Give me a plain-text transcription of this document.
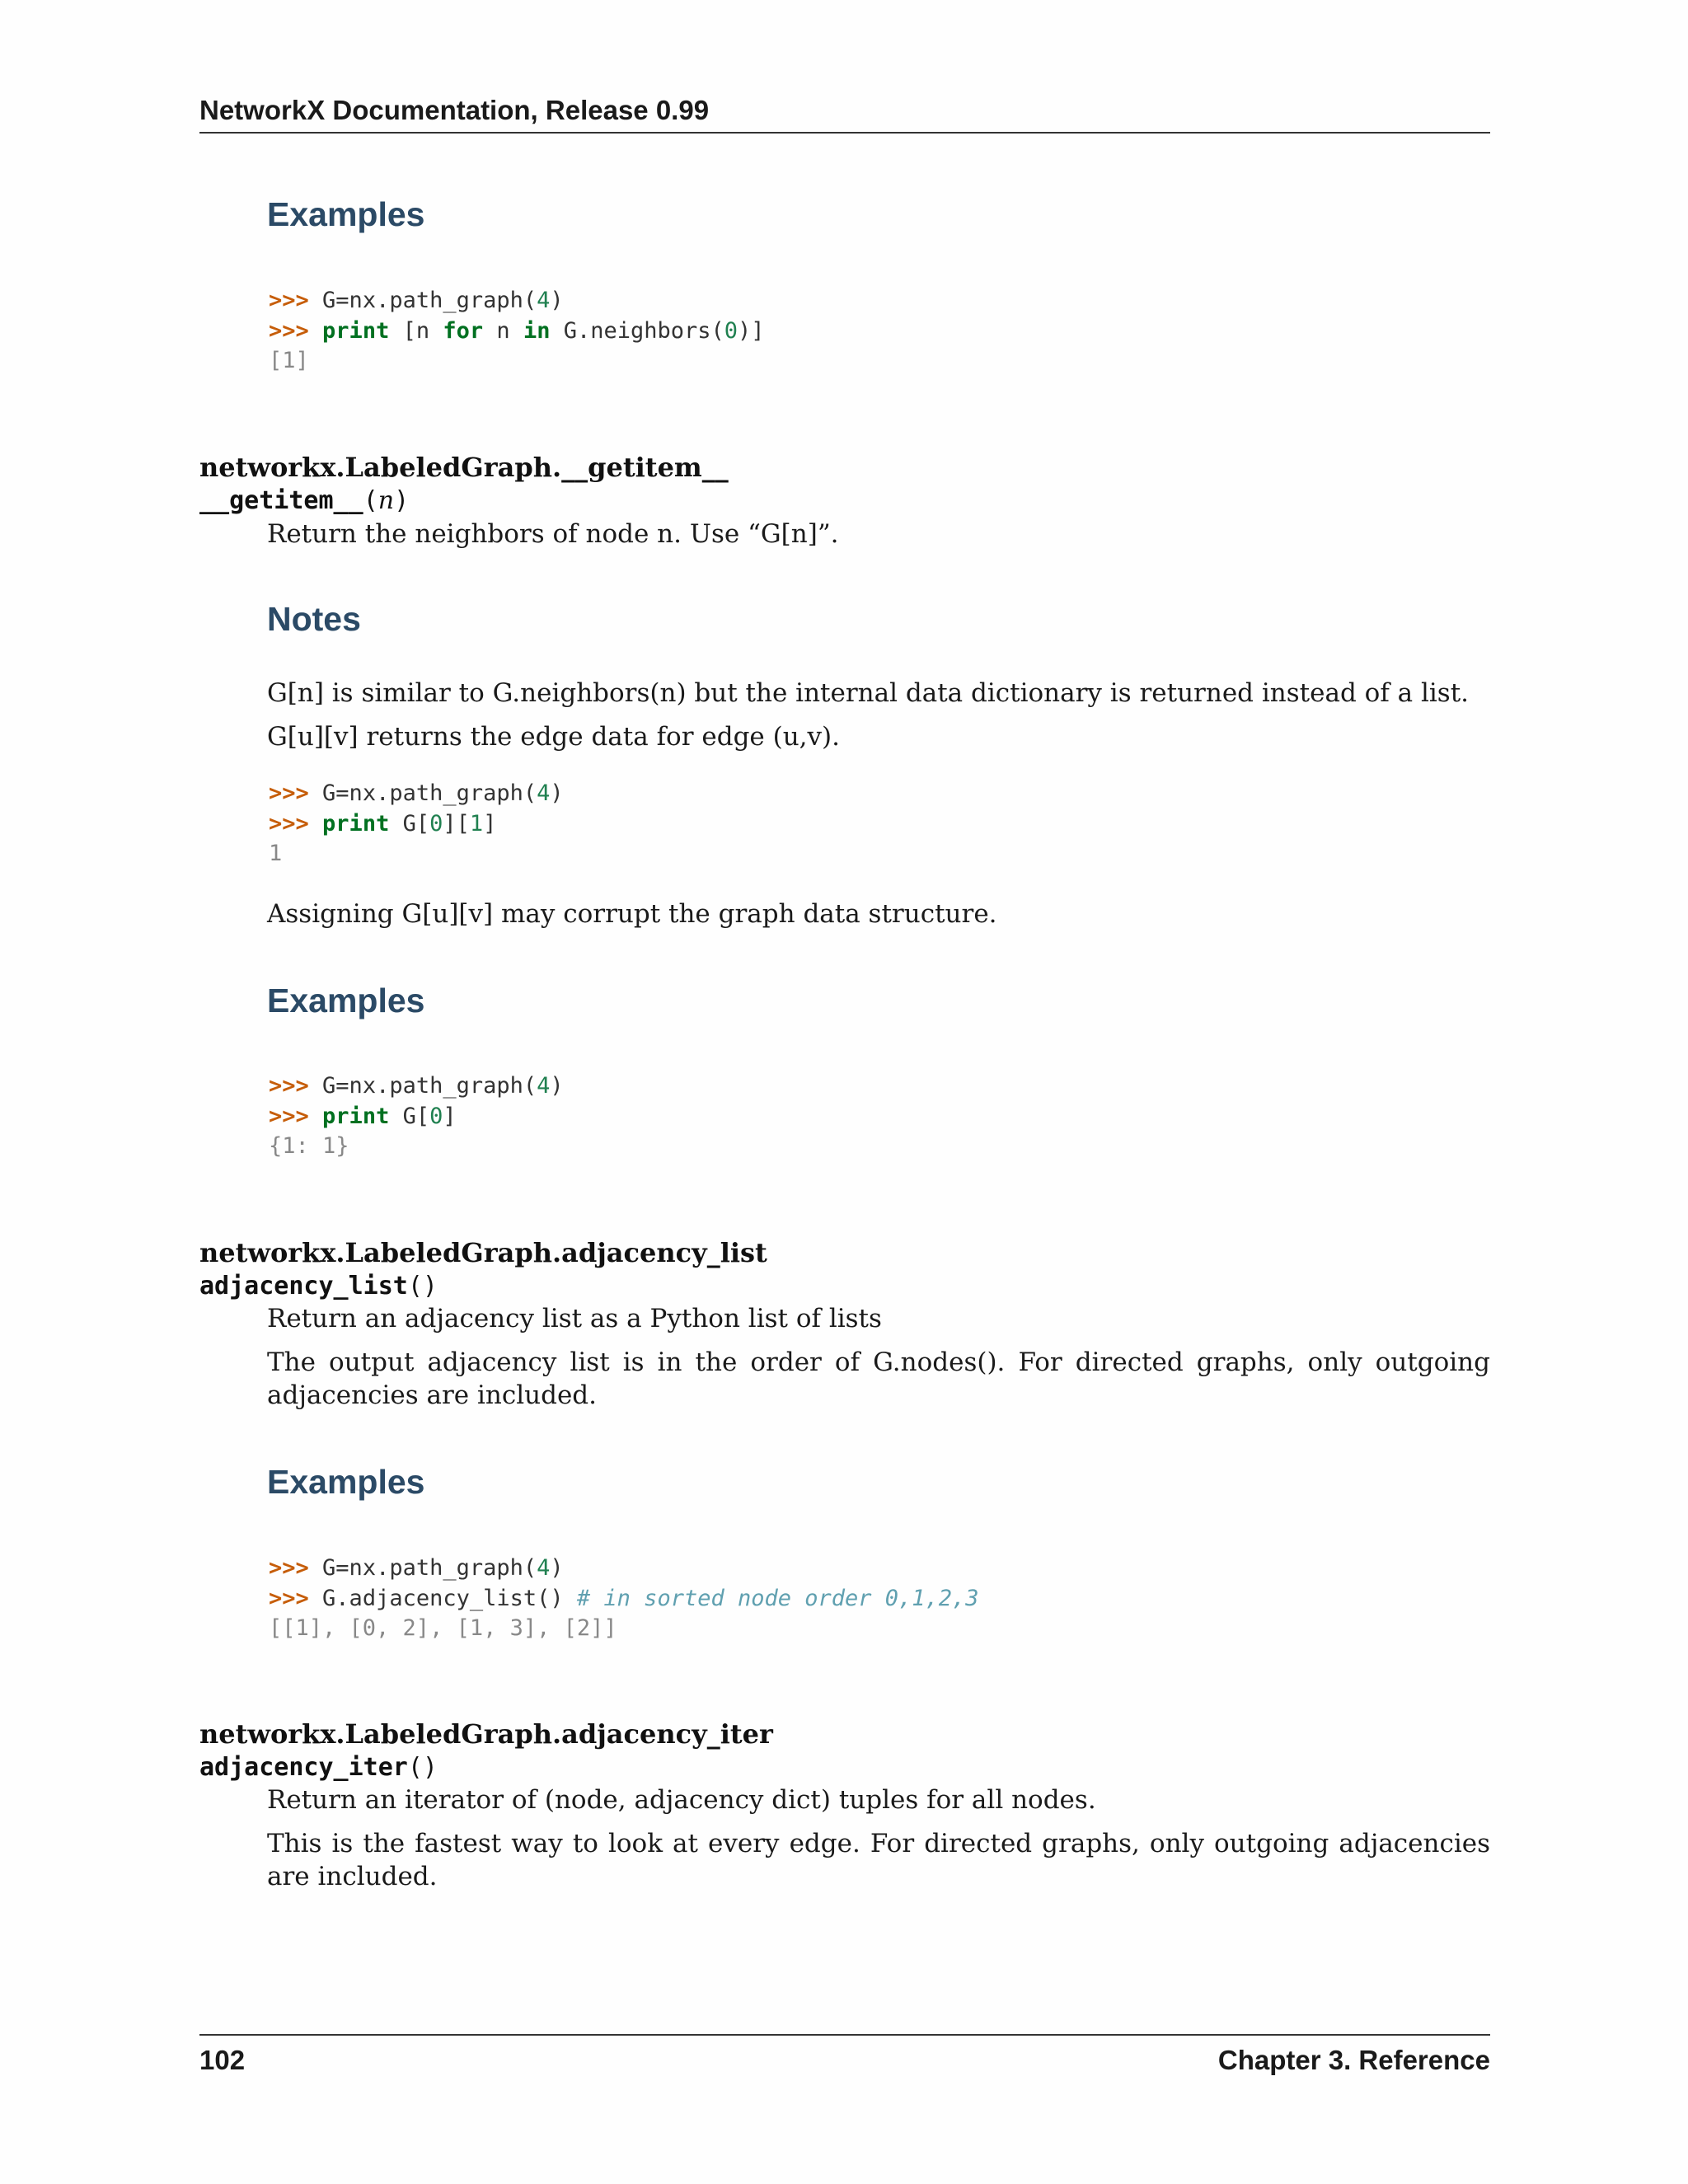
NetworkX Documentation, Release 0.99
Examples
>>> G=nx.path_graph(4)
>>> print [n for n in G.neighbors(0)]
[1]
networkx.LabeledGraph.__getitem__
__getitem__(n)
Return the neighbors of node n. Use “G[n]”.
Notes
G[n] is similar to G.neighbors(n) but the internal data dictionary is returned instead of a list.
G[u][v] returns the edge data for edge (u,v).
>>> G=nx.path_graph(4)
>>> print G[0][1]
1
Assigning G[u][v] may corrupt the graph data structure.
Examples
>>> G=nx.path_graph(4)
>>> print G[0]
{1: 1}
networkx.LabeledGraph.adjacency_list
adjacency_list()
Return an adjacency list as a Python list of lists
The output adjacency list is in the order of G.nodes(). For directed graphs, only outgoing adjacencies are included.
Examples
>>> G=nx.path_graph(4)
>>> G.adjacency_list() # in sorted node order 0,1,2,3
[[1], [0, 2], [1, 3], [2]]
networkx.LabeledGraph.adjacency_iter
adjacency_iter()
Return an iterator of (node, adjacency dict) tuples for all nodes.
This is the fastest way to look at every edge. For directed graphs, only outgoing adjacencies are included.
102	Chapter 3. Reference
